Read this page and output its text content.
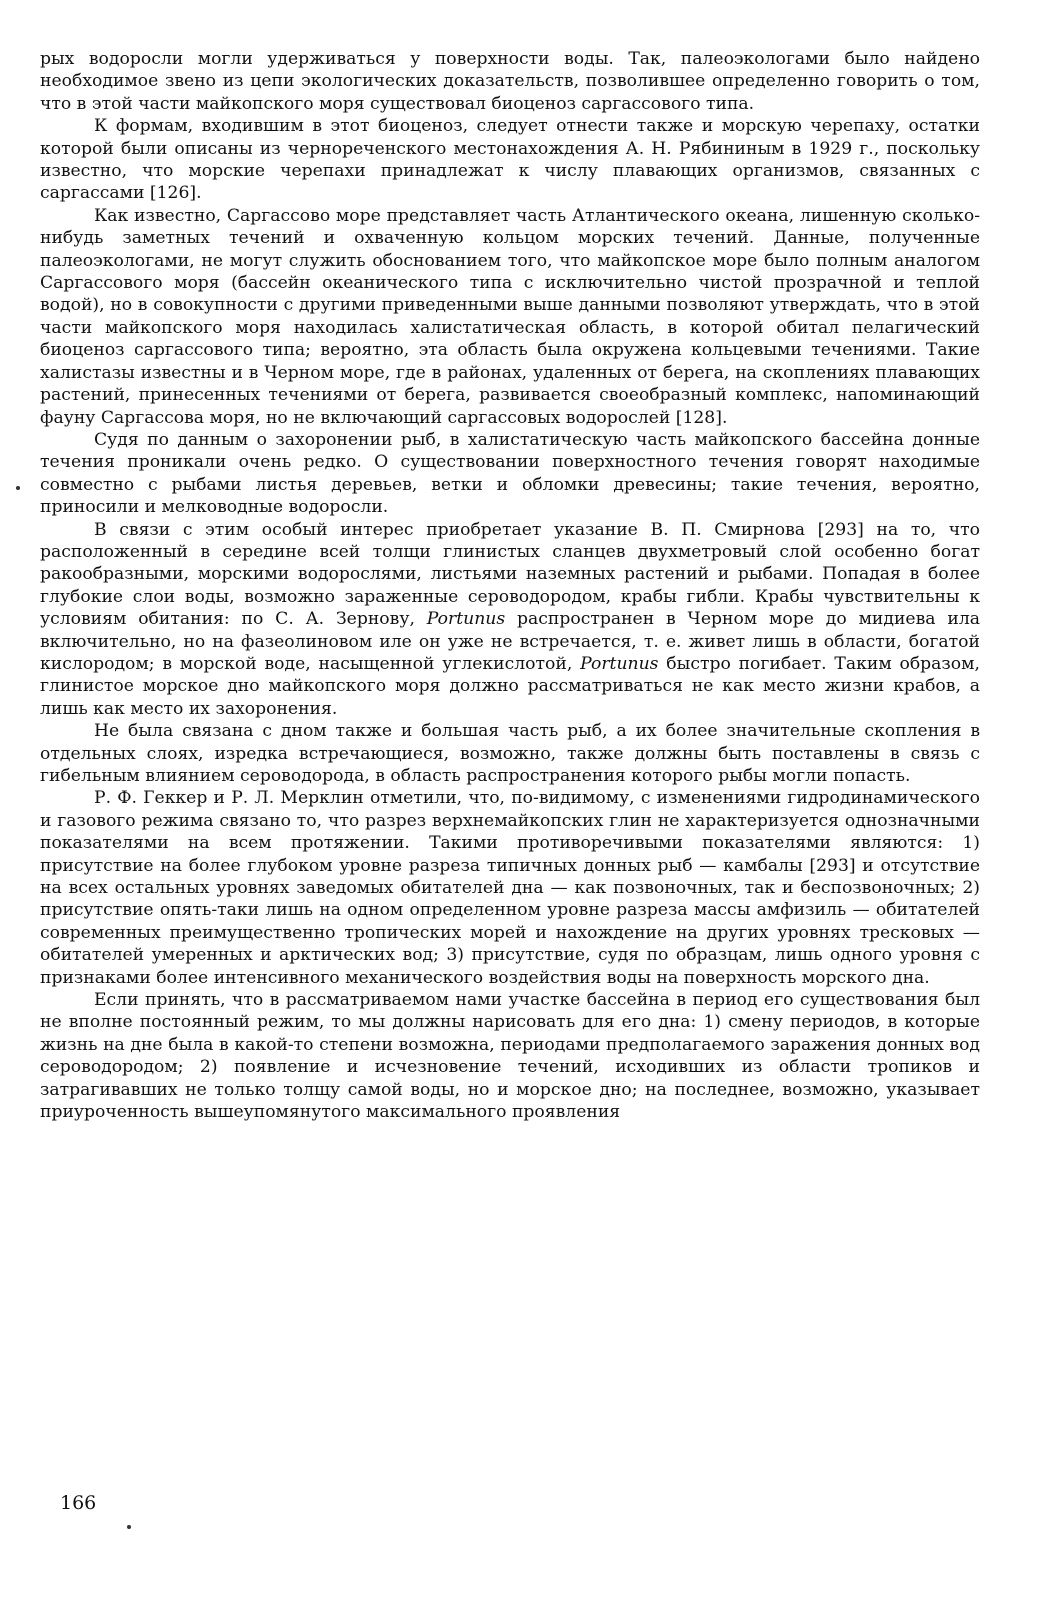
рых водоросли могли удерживаться у поверхности воды. Так, палеоэкологами было найдено необходимое звено из цепи экологических доказательств, позволившее определенно говорить о том, что в этой части майкопского моря существовал биоценоз саргассового типа.

К формам, входившим в этот биоценоз, следует отнести также и морскую черепаху, остатки которой были описаны из чернореченского местонахождения А. Н. Рябининым в 1929 г., поскольку известно, что морские черепахи принадлежат к числу плавающих организмов, связанных с саргассами [126].

Как известно, Саргассово море представляет часть Атлантического океана, лишенную сколько-нибудь заметных течений и охваченную кольцом морских течений. Данные, полученные палеоэкологами, не могут служить обоснованием того, что майкопское море было полным аналогом Саргассового моря (бассейн океанического типа с исключительно чистой прозрачной и теплой водой), но в совокупности с другими приведенными выше данными позволяют утверждать, что в этой части майкопского моря находилась халистатическая область, в которой обитал пелагический биоценоз саргассового типа; вероятно, эта область была окружена кольцевыми течениями. Такие халистазы известны и в Черном море, где в районах, удаленных от берега, на скоплениях плавающих растений, принесенных течениями от берега, развивается своеобразный комплекс, напоминающий фауну Саргассова моря, но не включающий саргассовых водорослей [128].

Судя по данным о захоронении рыб, в халистатическую часть майкопского бассейна донные течения проникали очень редко. О существовании поверхностного течения говорят находимые совместно с рыбами листья деревьев, ветки и обломки древесины; такие течения, вероятно, приносили и мелководные водоросли.

В связи с этим особый интерес приобретает указание В. П. Смирнова [293] на то, что расположенный в середине всей толщи глинистых сланцев двухметровый слой особенно богат ракообразными, морскими водорослями, листьями наземных растений и рыбами. Попадая в более глубокие слои воды, возможно зараженные сероводородом, крабы гибли. Крабы чувствительны к условиям обитания: по С. А. Зернову, Portunus распространен в Черном море до мидиева ила включительно, но на фазеолиновом иле он уже не встречается, т. е. живет лишь в области, богатой кислородом; в морской воде, насыщенной углекислотой, Portunus быстро погибает. Таким образом, глинистое морское дно майкопского моря должно рассматриваться не как место жизни крабов, а лишь как место их захоронения.

Не была связана с дном также и большая часть рыб, а их более значительные скопления в отдельных слоях, изредка встречающиеся, возможно, также должны быть поставлены в связь с гибельным влиянием сероводорода, в область распространения которого рыбы могли попасть.

Р. Ф. Геккер и Р. Л. Мерклин отметили, что, по-видимому, с изменениями гидродинамического и газового режима связано то, что разрез верхнемайкопских глин не характеризуется однозначными показателями на всем протяжении. Такими противоречивыми показателями являются: 1) присутствие на более глубоком уровне разреза типичных донных рыб — камбалы [293] и отсутствие на всех остальных уровнях заведомых обитателей дна — как позвоночных, так и беспозвоночных; 2) присутствие опять-таки лишь на одном определенном уровне разреза массы амфизиль — обитателей современных преимущественно тропических морей и нахождение на других уровнях тресковых — обитателей умеренных и арктических вод; 3) присутствие, судя по образцам, лишь одного уровня с признаками более интенсивного механического воздействия воды на поверхность морского дна.

Если принять, что в рассматриваемом нами участке бассейна в период его существования был не вполне постоянный режим, то мы должны нарисовать для его дна: 1) смену периодов, в которые жизнь на дне была в какой-то степени возможна, периодами предполагаемого заражения донных вод сероводородом; 2) появление и исчезновение течений, исходивших из области тропиков и затрагивавших не только толщу самой воды, но и морское дно; на последнее, возможно, указывает приуроченность вышеупомянутого максимального проявления

166
